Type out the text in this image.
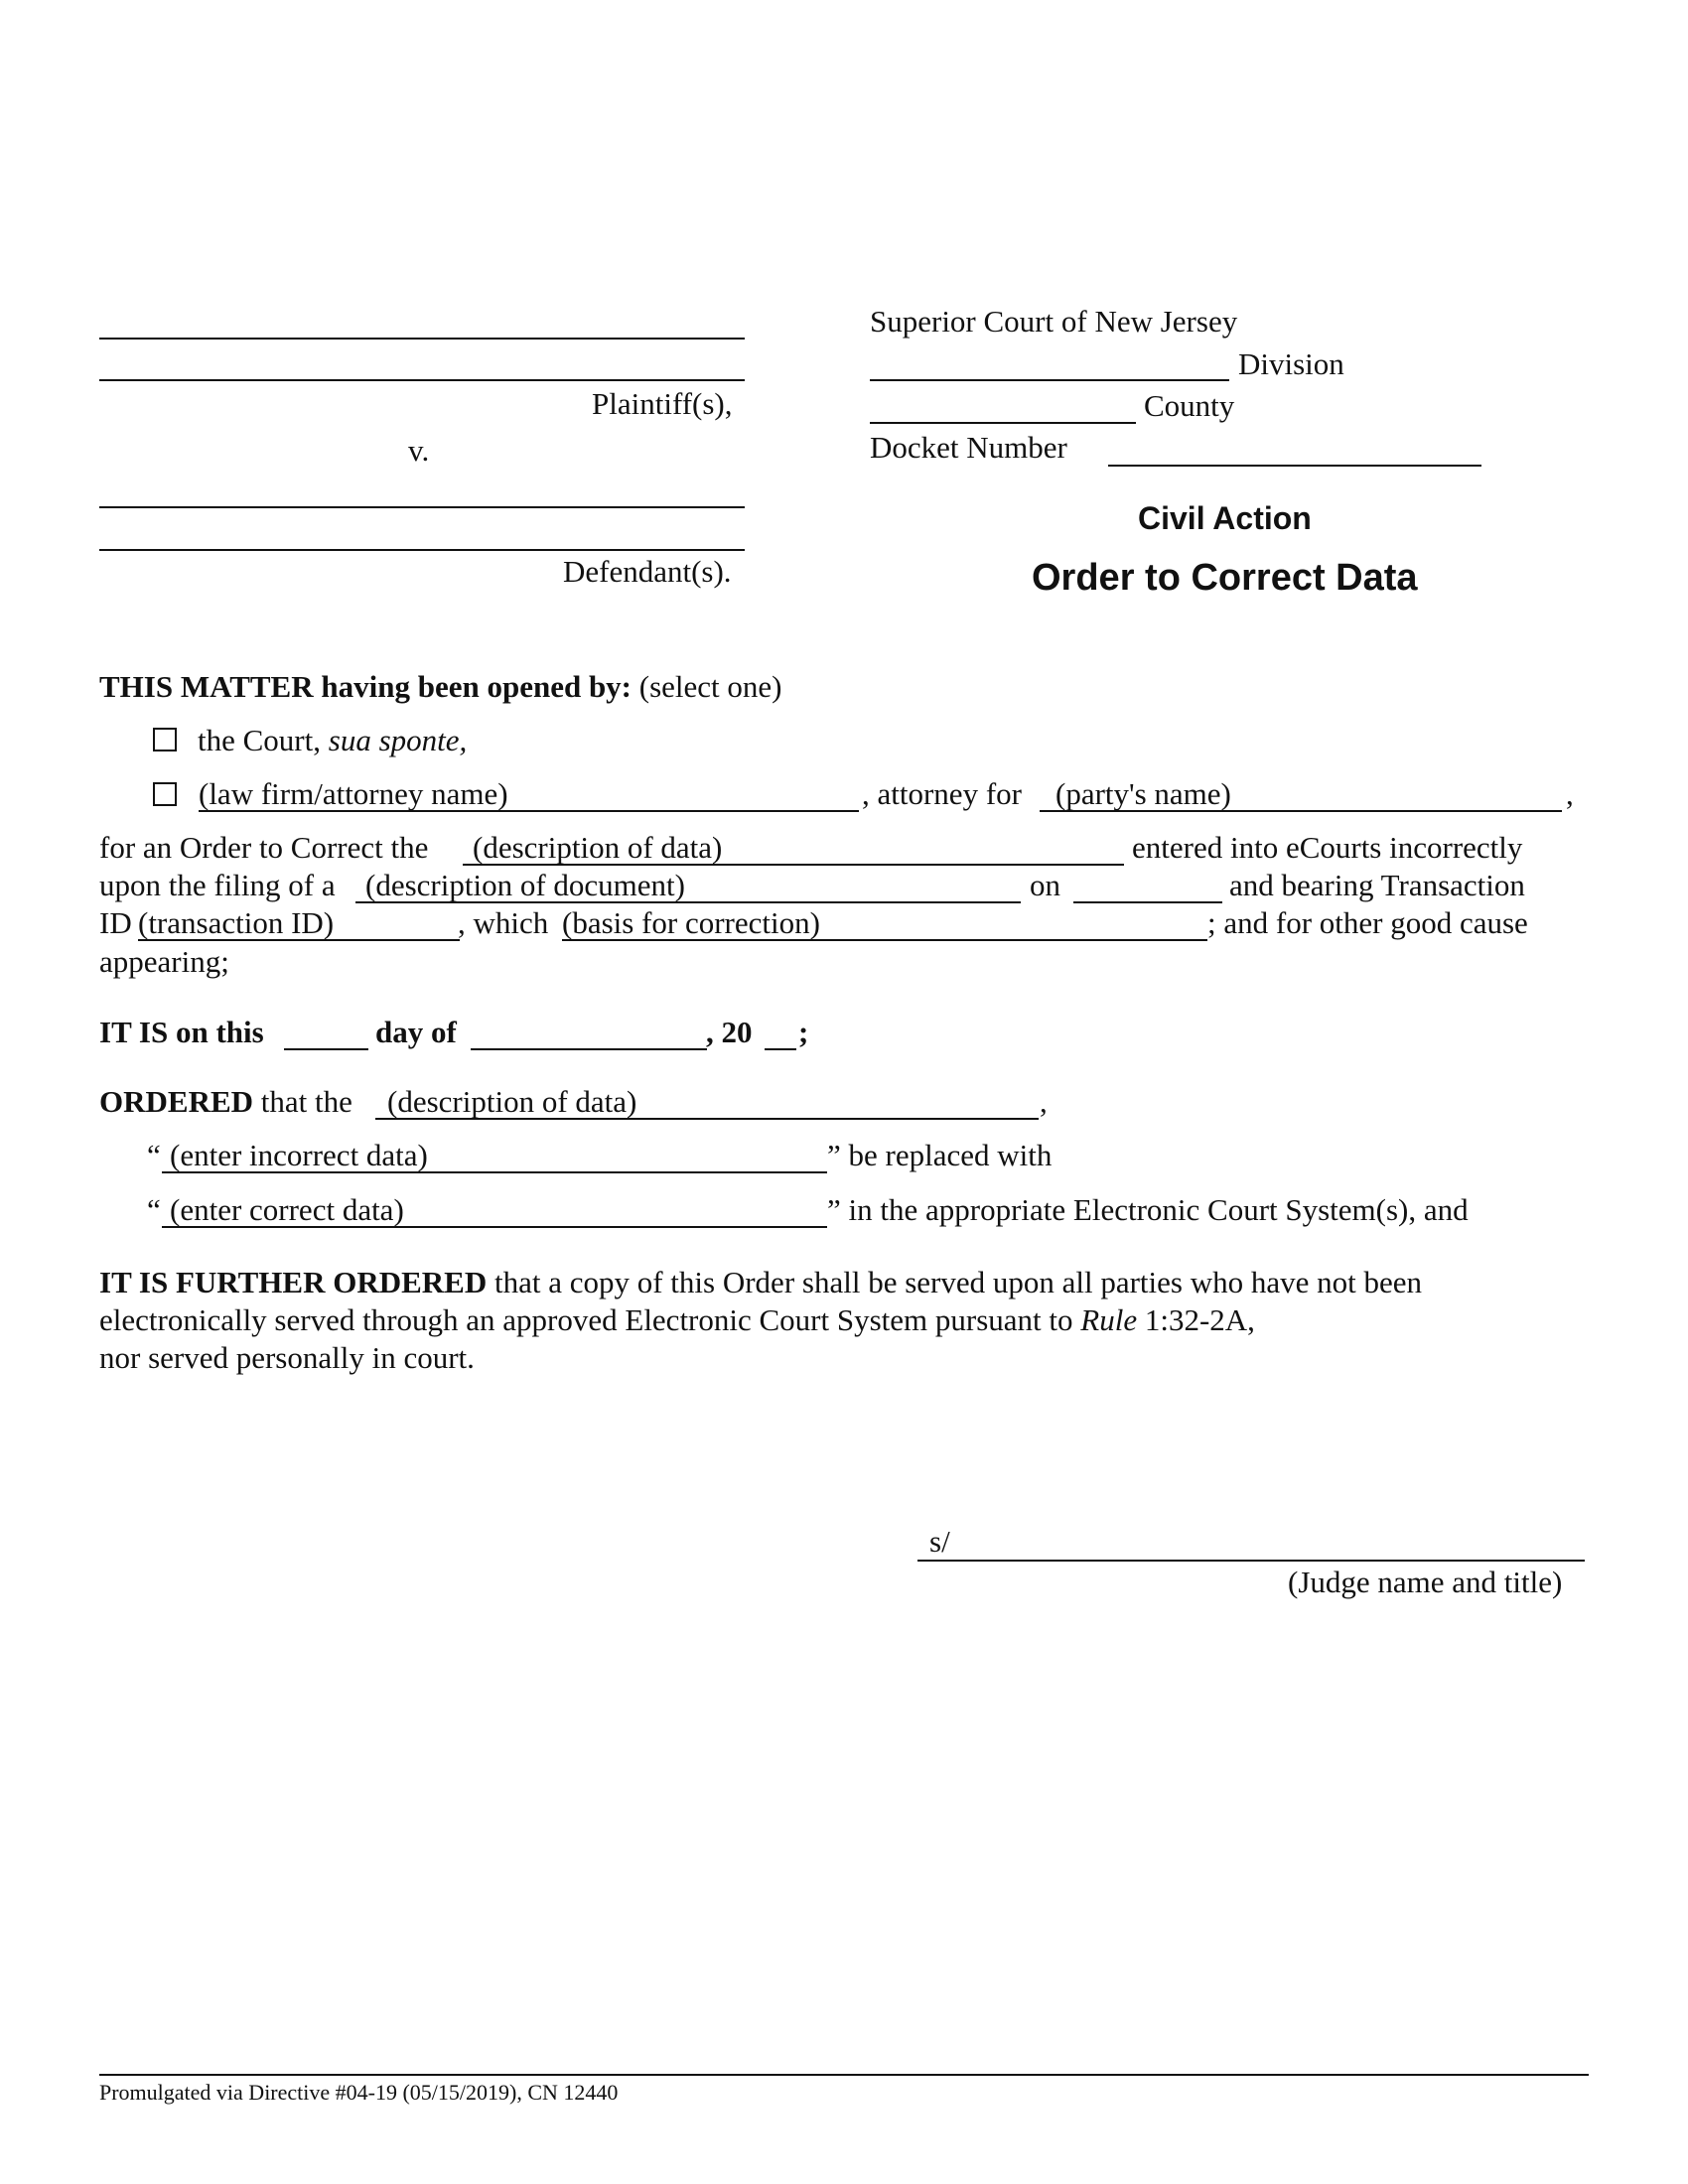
Plaintiff(s),
v.
Defendant(s).
Superior Court of New Jersey
Division
County
Docket Number
Civil Action
Order to Correct Data
THIS MATTER having been opened by: (select one)
the Court, sua sponte,
(law firm/attorney name)	, attorney for (party's name)	,
for an Order to Correct the (description of data)	entered into eCourts incorrectly
upon the filing of a (description of document)	on	and bearing Transaction
ID (transaction ID)	, which (basis for correction)	; and for other good cause
appearing;
IT IS on this	day of	, 20 ;
ORDERED that the (description of data)	,
“ (enter incorrect data)	” be replaced with
“ (enter correct data)	” in the appropriate Electronic Court System(s), and
IT IS FURTHER ORDERED that a copy of this Order shall be served upon all parties who have not been
electronically served through an approved Electronic Court System pursuant to Rule 1:32-2A,
nor served personally in court.
s/
(Judge name and title)
Promulgated via Directive #04-19 (05/15/2019), CN 12440
